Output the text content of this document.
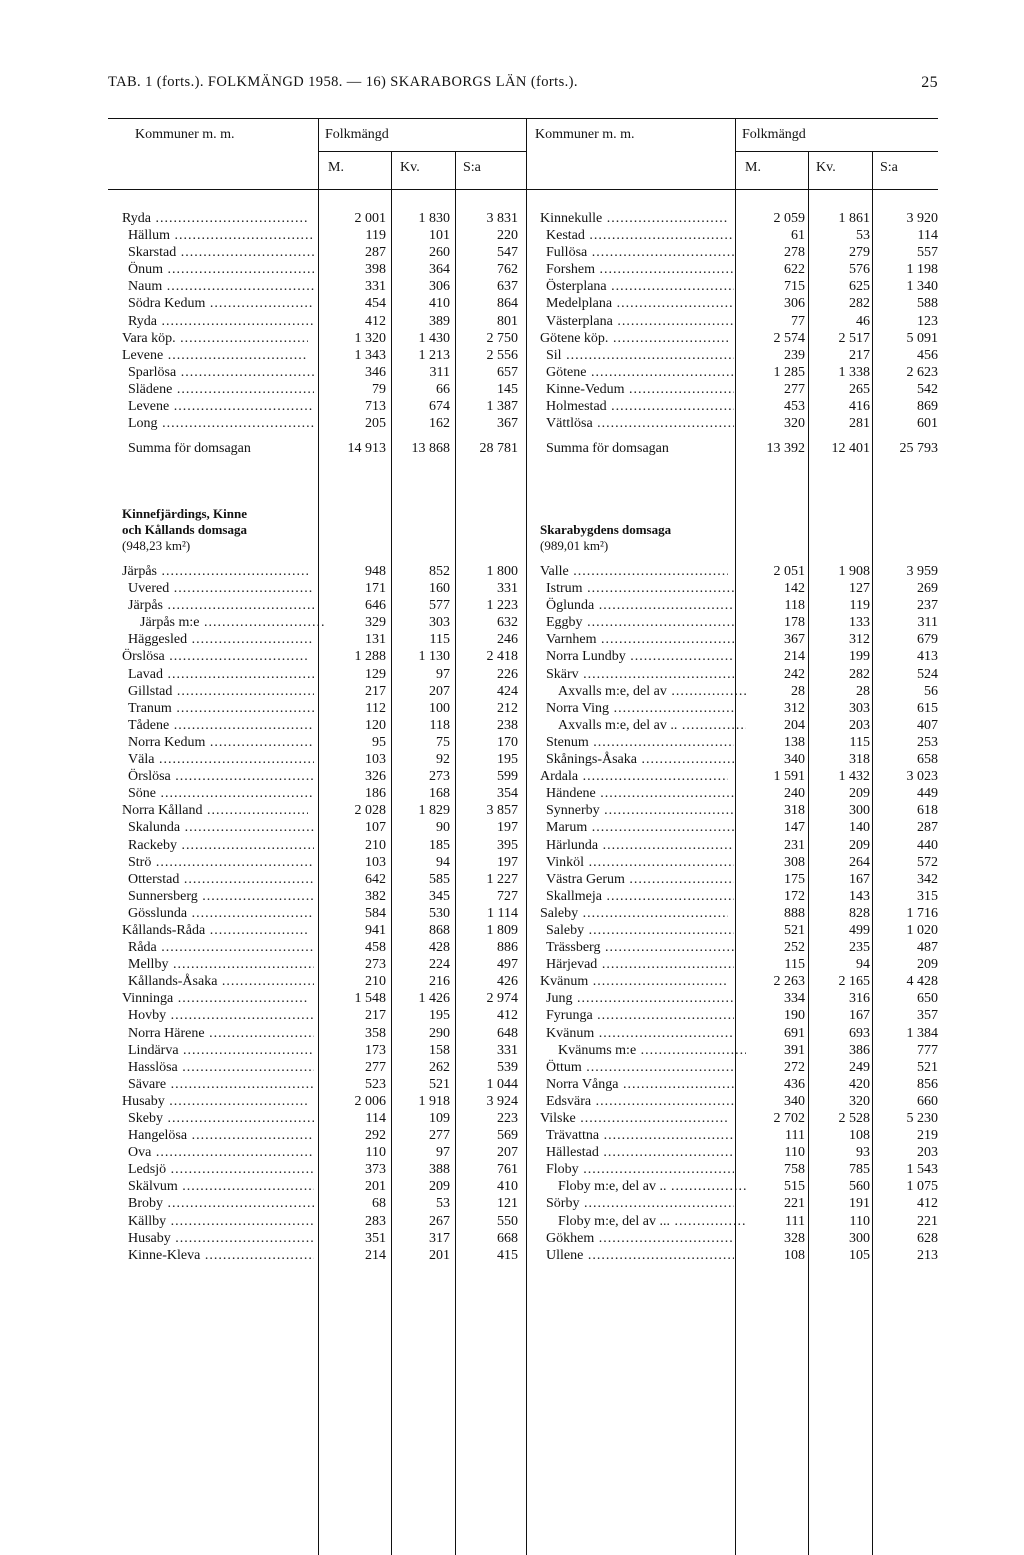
TAB. 1 (forts.). FOLKMÄNGD 1958. — 16) SKARABORGS LÄN (forts.).	25
Kommuner m. m.	Folkmängd
M.	Kv.	S:a
Kommuner m. m.	Folkmängd
M.	Kv.	S:a
Kinnefjärdings, Kinne
och Kållands domsaga
(948,23 km²)
Skarabygdens domsaga
(989,01 km²)
Ryda .....	2 001	1 830	3 831
Hällum .....	119	101	220
Skarstad .....	287	260	547
Önum .....	398	364	762
Naum .....	331	306	637
Södra Kedum .....	454	410	864
Ryda .....	412	389	801
Vara köp. .....	1 320	1 430	2 750
Levene .....	1 343	1 213	2 556
Sparlösa .....	346	311	657
Slädene .....	79	66	145
Levene .....	713	674	1 387
Long .....	205	162	367
Summa för domsagan	14 913	13 868	28 781
Kinnekulle .....	2 059	1 861	3 920
Kestad .....	61	53	114
Fullösa .....	278	279	557
Forshem .....	622	576	1 198
Österplana .....	715	625	1 340
Medelplana .....	306	282	588
Västerplana .....	77	46	123
Götene köp. .....	2 574	2 517	5 091
Sil .....	239	217	456
Götene .....	1 285	1 338	2 623
Kinne-Vedum .....	277	265	542
Holmestad .....	453	416	869
Vättlösa .....	320	281	601
Summa för domsagan	13 392	12 401	25 793
Järpås .....	948	852	1 800
Uvered .....	171	160	331
Järpås .....	646	577	1 223
Järpås m:e .....	329	303	632
Häggesled .....	131	115	246
Örslösa .....	1 288	1 130	2 418
Lavad .....	129	97	226
Gillstad .....	217	207	424
Tranum .....	112	100	212
Tådene .....	120	118	238
Norra Kedum .....	95	75	170
Väla .....	103	92	195
Örslösa .....	326	273	599
Söne .....	186	168	354
Norra Kålland .....	2 028	1 829	3 857
Skalunda .....	107	90	197
Rackeby .....	210	185	395
Strö .....	103	94	197
Otterstad .....	642	585	1 227
Sunnersberg .....	382	345	727
Gösslunda .....	584	530	1 114
Kållands-Råda .....	941	868	1 809
Råda .....	458	428	886
Mellby .....	273	224	497
Kållands-Åsaka .....	210	216	426
Vinninga .....	1 548	1 426	2 974
Hovby .....	217	195	412
Norra Härene .....	358	290	648
Lindärva .....	173	158	331
Hasslösa .....	277	262	539
Sävare .....	523	521	1 044
Husaby .....	2 006	1 918	3 924
Skeby .....	114	109	223
Hangelösa .....	292	277	569
Ova .....	110	97	207
Ledsjö .....	373	388	761
Skälvum .....	201	209	410
Broby .....	68	53	121
Källby .....	283	267	550
Husaby .....	351	317	668
Kinne-Kleva .....	214	201	415
Valle .....	2 051	1 908	3 959
Istrum .....	142	127	269
Öglunda .....	118	119	237
Eggby .....	178	133	311
Varnhem .....	367	312	679
Norra Lundby .....	214	199	413
Skärv .....	242	282	524
Axvalls m:e, del av .....	28	28	56
Norra Ving .....	312	303	615
Axvalls m:e, del av .. .....	204	203	407
Stenum .....	138	115	253
Skånings-Åsaka .....	340	318	658
Ardala .....	1 591	1 432	3 023
Händene .....	240	209	449
Synnerby .....	318	300	618
Marum .....	147	140	287
Härlunda .....	231	209	440
Vinköl .....	308	264	572
Västra Gerum .....	175	167	342
Skallmeja .....	172	143	315
Saleby .....	888	828	1 716
Saleby .....	521	499	1 020
Trässberg .....	252	235	487
Härjevad .....	115	94	209
Kvänum .....	2 263	2 165	4 428
Jung .....	334	316	650
Fyrunga .....	190	167	357
Kvänum .....	691	693	1 384
Kvänums m:e .....	391	386	777
Öttum .....	272	249	521
Norra Vånga .....	436	420	856
Edsvära .....	340	320	660
Vilske .....	2 702	2 528	5 230
Trävattna .....	111	108	219
Hällestad .....	110	93	203
Floby .....	758	785	1 543
Floby m:e, del av .. .....	515	560	1 075
Sörby .....	221	191	412
Floby m:e, del av ... .....	111	110	221
Gökhem .....	328	300	628
Ullene .....	108	105	213
